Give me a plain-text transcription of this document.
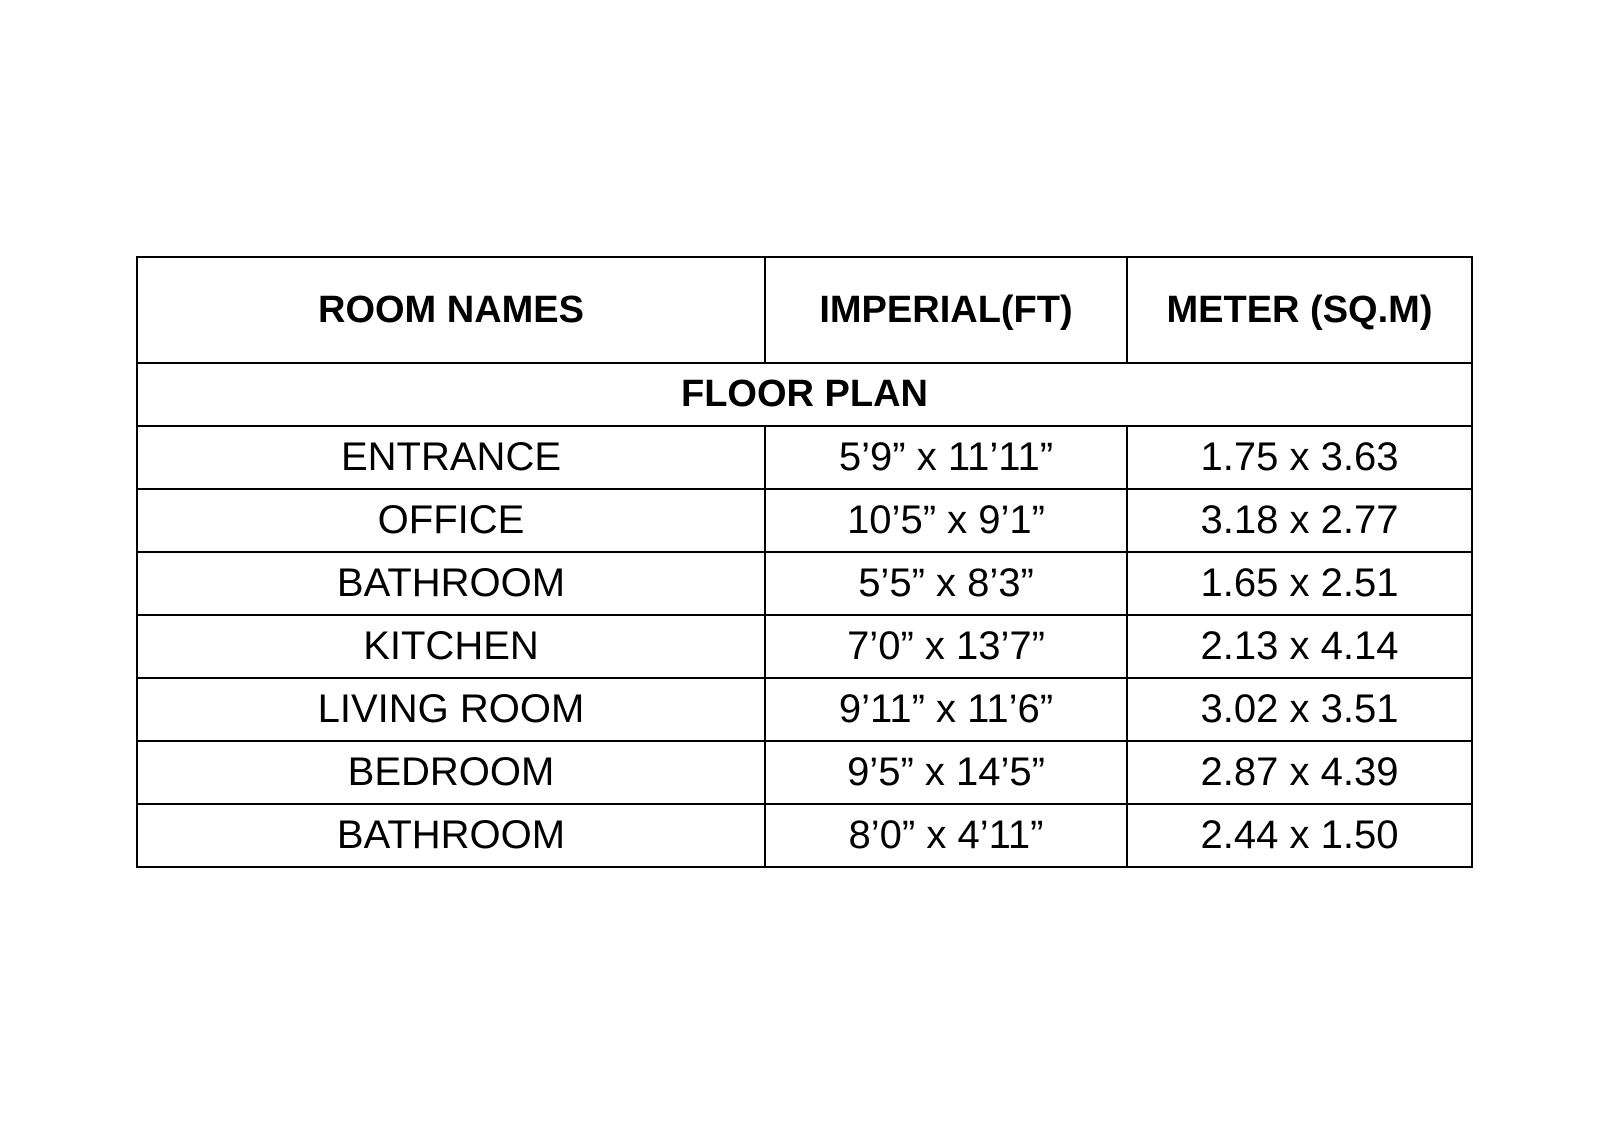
ROOM NAMES	IMPERIAL(FT)	METER (SQ.M)
FLOOR PLAN		
ENTRANCE	5’9” x 11’11”	1.75 x 3.63
OFFICE	10’5” x 9’1”	3.18 x 2.77
BATHROOM	5’5” x 8’3”	1.65 x 2.51
KITCHEN	7’0” x 13’7”	2.13 x 4.14
LIVING ROOM	9’11” x 11’6”	3.02 x 3.51
BEDROOM	9’5” x 14’5”	2.87 x 4.39
BATHROOM	8’0” x 4’11”	2.44 x 1.50
